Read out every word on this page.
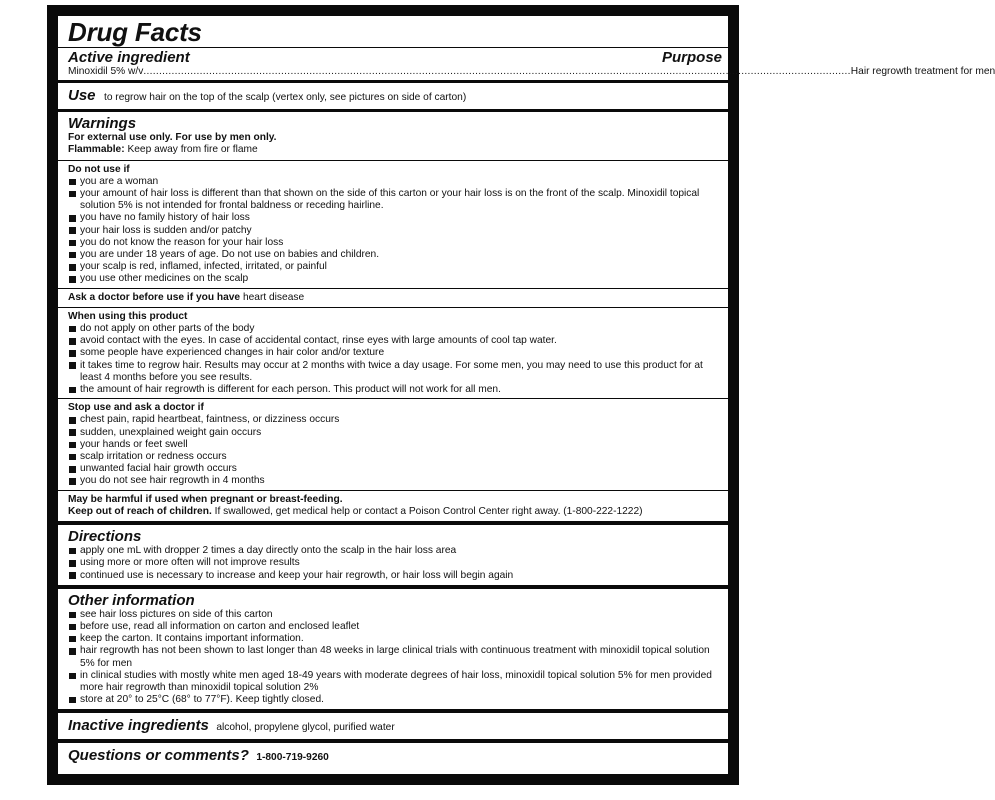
Drug Facts
Active ingredient	Purpose
Minoxidil 5% w/v .................................................................................................................................................................................................................................. Hair regrowth treatment for men
Use to regrow hair on the top of the scalp (vertex only, see pictures on side of carton)
Warnings
For external use only. For use by men only.
Flammable: Keep away from fire or flame
Do not use if
you are a woman
your amount of hair loss is different than that shown on the side of this carton or your hair loss is on the front of the scalp. Minoxidil topical solution 5% is not intended for frontal baldness or receding hairline.
you have no family history of hair loss
your hair loss is sudden and/or patchy
you do not know the reason for your hair loss
you are under 18 years of age. Do not use on babies and children.
your scalp is red, inflamed, infected, irritated, or painful
you use other medicines on the scalp
Ask a doctor before use if you have heart disease
When using this product
do not apply on other parts of the body
avoid contact with the eyes. In case of accidental contact, rinse eyes with large amounts of cool tap water.
some people have experienced changes in hair color and/or texture
it takes time to regrow hair. Results may occur at 2 months with twice a day usage. For some men, you may need to use this product for at least 4 months before you see results.
the amount of hair regrowth is different for each person. This product will not work for all men.
Stop use and ask a doctor if
chest pain, rapid heartbeat, faintness, or dizziness occurs
sudden, unexplained weight gain occurs
your hands or feet swell
scalp irritation or redness occurs
unwanted facial hair growth occurs
you do not see hair regrowth in 4 months
May be harmful if used when pregnant or breast-feeding.
Keep out of reach of children. If swallowed, get medical help or contact a Poison Control Center right away. (1-800-222-1222)
Directions
apply one mL with dropper 2 times a day directly onto the scalp in the hair loss area
using more or more often will not improve results
continued use is necessary to increase and keep your hair regrowth, or hair loss will begin again
Other information
see hair loss pictures on side of this carton
before use, read all information on carton and enclosed leaflet
keep the carton. It contains important information.
hair regrowth has not been shown to last longer than 48 weeks in large clinical trials with continuous treatment with minoxidil topical solution 5% for men
in clinical studies with mostly white men aged 18-49 years with moderate degrees of hair loss, minoxidil topical solution 5% for men provided more hair regrowth than minoxidil topical solution 2%
store at 20° to 25°C (68° to 77°F). Keep tightly closed.
Inactive ingredients alcohol, propylene glycol, purified water
Questions or comments? 1-800-719-9260
